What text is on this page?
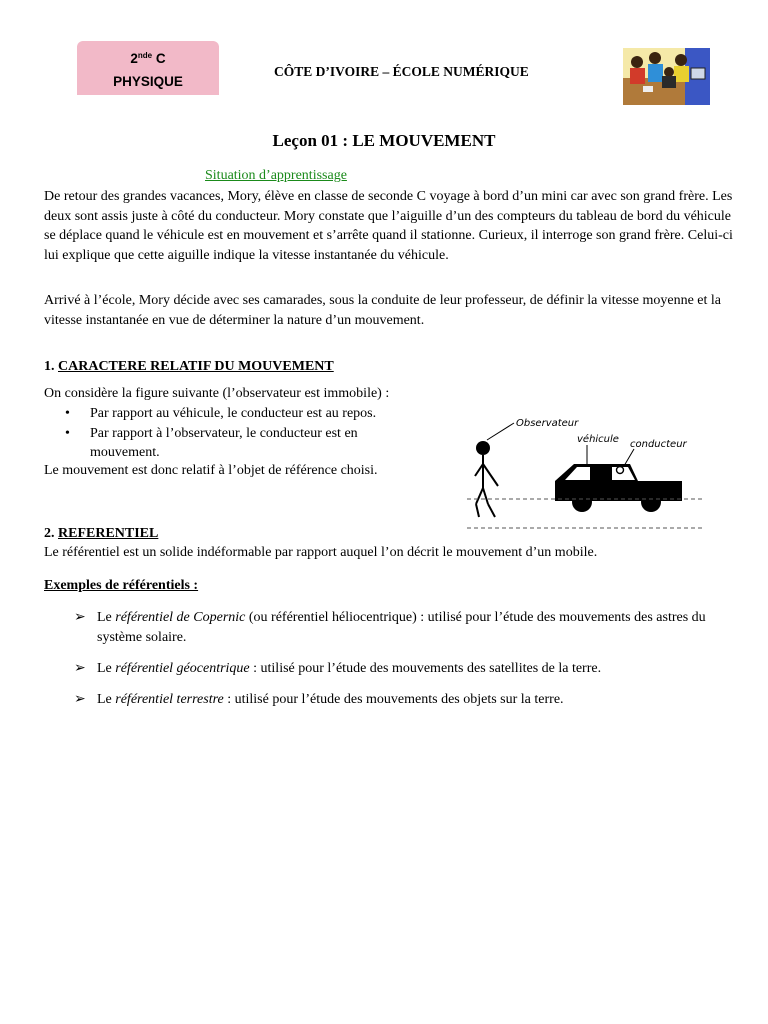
2nde C
PHYSIQUE
CÔTE D’IVOIRE – ÉCOLE NUMÉRIQUE
Leçon 01 : LE MOUVEMENT
Situation d’apprentissage

De retour des grandes vacances, Mory, élève en classe de seconde C voyage à bord d’un mini car avec son grand frère. Les deux sont assis juste à côté du conducteur. Mory constate que l’aiguille d’un des compteurs du tableau de bord du véhicule se déplace quand le véhicule est en mouvement et s’arrête quand il stationne. Curieux, il interroge son grand frère. Celui-ci lui explique que cette aiguille indique la vitesse instantanée du véhicule.

Arrivé à l’école, Mory décide avec ses camarades, sous la conduite de leur professeur, de définir la vitesse moyenne et la vitesse instantanée en vue de déterminer la nature d’un mouvement.

1. CARACTERE RELATIF DU MOUVEMENT
On considère la figure suivante (l’observateur est immobile) :
• Par rapport au véhicule, le conducteur est au repos.
• Par rapport à l’observateur, le conducteur est en mouvement.
Le mouvement est donc relatif à l’objet de référence choisi.
Observateur
véhicule conducteur
2. REFERENTIEL
Le référentiel est un solide indéformable par rapport auquel l’on décrit le mouvement d’un mobile.
Exemples de référentiels :
➢ Le référentiel de Copernic (ou référentiel héliocentrique) : utilisé pour l’étude des mouvements des astres du système solaire.
➢ Le référentiel géocentrique : utilisé pour l’étude des mouvements des satellites de la terre.
➢ Le référentiel terrestre : utilisé pour l’étude des mouvements des objets sur la terre.
